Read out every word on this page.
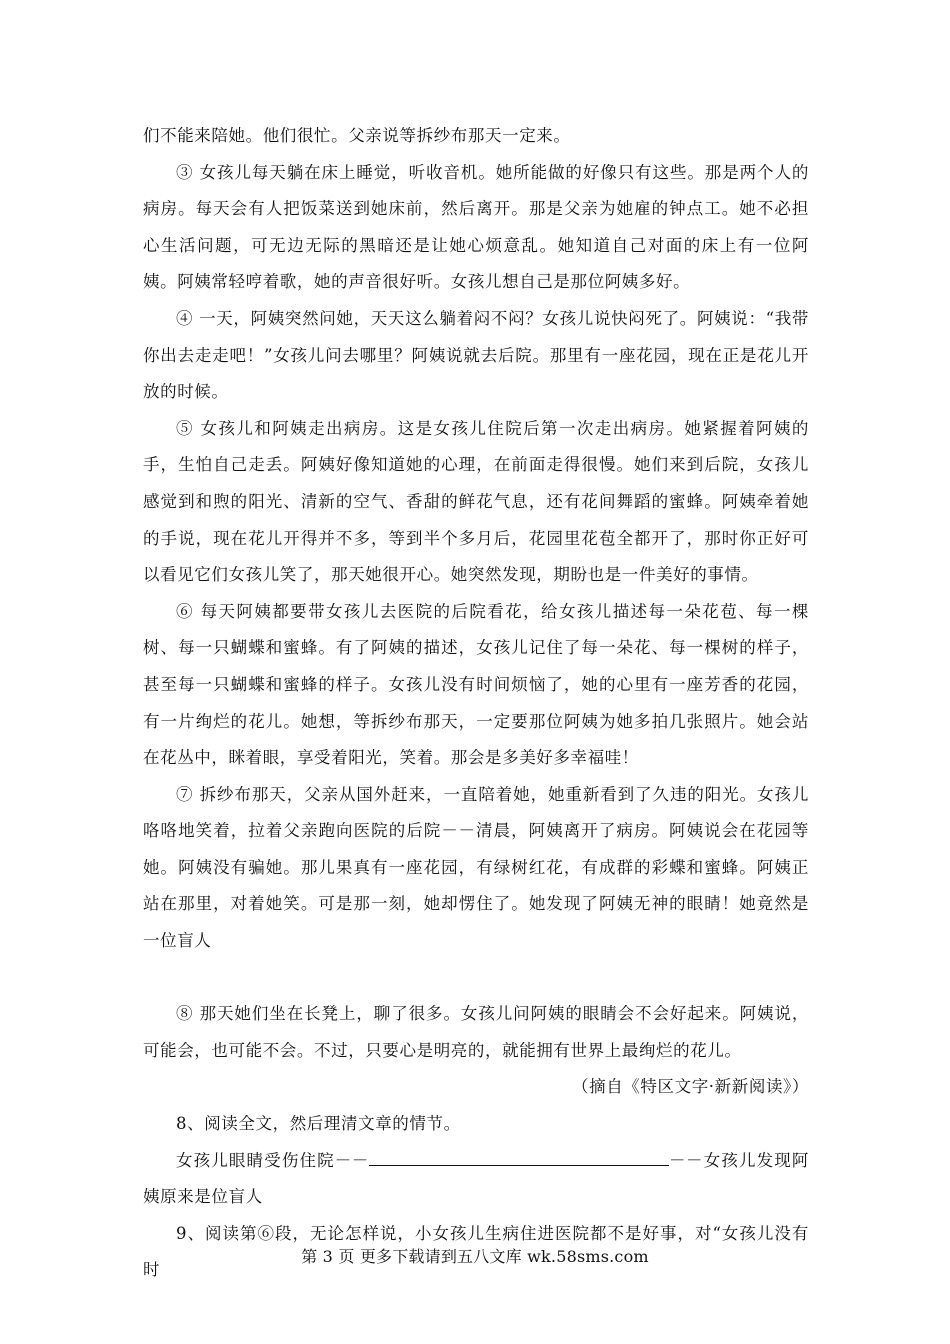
们不能来陪她。他们很忙。父亲说等拆纱布那天一定来。

③ 女孩儿每天躺在床上睡觉，听收音机。她所能做的好像只有这些。那是两个人的病房。每天会有人把饭菜送到她床前，然后离开。那是父亲为她雇的钟点工。她不必担心生活问题，可无边无际的黑暗还是让她心烦意乱。她知道自己对面的床上有一位阿姨。阿姨常轻哼着歌，她的声音很好听。女孩儿想自己是那位阿姨多好。

④ 一天，阿姨突然问她，天天这么躺着闷不闷？女孩儿说快闷死了。阿姨说：“我带你出去走走吧！”女孩儿问去哪里？阿姨说就去后院。那里有一座花园，现在正是花儿开放的时候。

⑤ 女孩儿和阿姨走出病房。这是女孩儿住院后第一次走出病房。她紧握着阿姨的手，生怕自己走丢。阿姨好像知道她的心理，在前面走得很慢。她们来到后院，女孩儿感觉到和煦的阳光、清新的空气、香甜的鲜花气息，还有花间舞蹈的蜜蜂。阿姨牵着她的手说，现在花儿开得并不多，等到半个多月后，花园里花苞全都开了，那时你正好可以看见它们女孩儿笑了，那天她很开心。她突然发现，期盼也是一件美好的事情。

⑥ 每天阿姨都要带女孩儿去医院的后院看花，给女孩儿描述每一朵花苞、每一棵树、每一只蝴蝶和蜜蜂。有了阿姨的描述，女孩儿记住了每一朵花、每一棵树的样子，甚至每一只蝴蝶和蜜蜂的样子。女孩儿没有时间烦恼了，她的心里有一座芳香的花园，有一片绚烂的花儿。她想，等拆纱布那天，一定要那位阿姨为她多拍几张照片。她会站在花丛中，眯着眼，享受着阳光，笑着。那会是多美好多幸福哇！

⑦ 拆纱布那天，父亲从国外赶来，一直陪着她，她重新看到了久违的阳光。女孩儿咯咯地笑着，拉着父亲跑向医院的后院－－清晨，阿姨离开了病房。阿姨说会在花园等她。阿姨没有骗她。那儿果真有一座花园，有绿树红花，有成群的彩蝶和蜜蜂。阿姨正站在那里，对着她笑。可是那一刻，她却愣住了。她发现了阿姨无神的眼睛！她竟然是一位盲人

⑧ 那天她们坐在长凳上，聊了很多。女孩儿问阿姨的眼睛会不会好起来。阿姨说，可能会，也可能不会。不过，只要心是明亮的，就能拥有世界上最绚烂的花儿。

（摘自《特区文字·新新阅读》）

8、阅读全文，然后理清文章的情节。

女孩儿眼睛受伤住院－－	－－女孩儿发现阿姨原来是位盲人

9、阅读第⑥段，无论怎样说，小女孩儿生病住进医院都不是好事，对“女孩儿没有时

第 3 页 更多下载请到五八文库 wk.58sms.com
